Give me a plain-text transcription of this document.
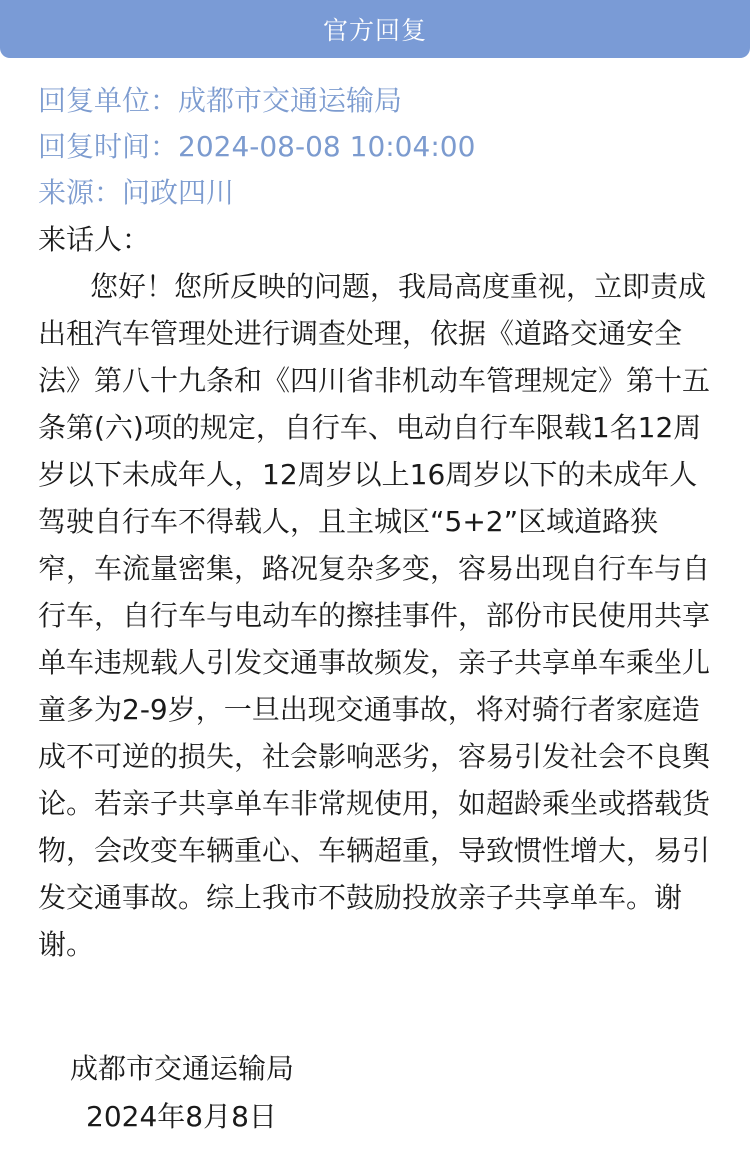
官方回复
回复单位：成都市交通运输局
回复时间：2024-08-08 10:04:00
来源：问政四川
来话人：

您好！您所反映的问题，我局高度重视，立即责成出租汽车管理处进行调查处理，依据《道路交通安全法》第八十九条和《四川省非机动车管理规定》第十五条第(六)项的规定，自行车、电动自行车限载1名12周岁以下未成年人，12周岁以上16周岁以下的未成年人驾驶自行车不得载人，且主城区“5+2”区域道路狭窄，车流量密集，路况复杂多变，容易出现自行车与自行车，自行车与电动车的擦挂事件，部份市民使用共享单车违规载人引发交通事故频发，亲子共享单车乘坐儿童多为2-9岁，一旦出现交通事故，将对骑行者家庭造成不可逆的损失，社会影响恶劣，容易引发社会不良舆论。若亲子共享单车非常规使用，如超龄乘坐或搭载货物，会改变车辆重心、车辆超重，导致惯性增大，易引发交通事故。综上我市不鼓励投放亲子共享单车。谢谢。

成都市交通运输局
2024年8月8日
